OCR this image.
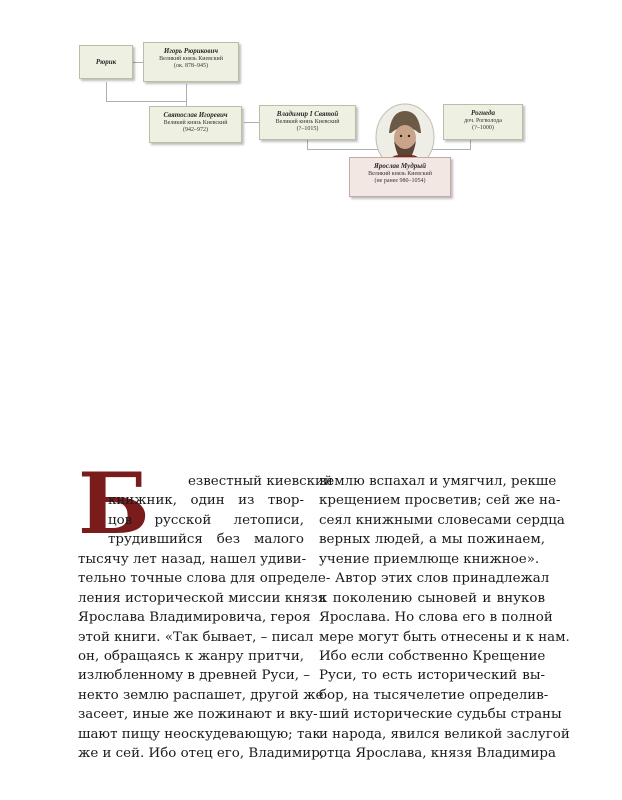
Рюрик
Игорь Рюрикович
Великий князь Киевский
(ок. 878–945)
Святослав Игоревич
Великий князь Киевский
(942–972)
Владимир I Святой
Великий князь Киевский
(?–1015)
Рогнеда
доч. Рогволода
(?–1000)
Ярослав Мудрый
Великий князь Киевский
(не ранее 980–1054)
Б	езвестный киевский
книжник, один из твор-
цов русской летописи,
трудившийся без малого
тысячу лет назад, нашел удиви-
тельно точные слова для определе-
ления исторической миссии князя
Ярослава Владимировича, героя
этой книги. «Так бывает, – писал
он, обращаясь к жанру притчи,
излюбленному в древней Руси, –
некто землю распашет, другой же
засеет, иные же пожинают и вку-
шают пищу неоскудевающую; так
же и сей. Ибо отец его, Владимир,
землю вспахал и умягчил, рекше
крещением просветив; сей же на-
сеял книжными словесами сердца
верных людей, а мы пожинаем,
учение приемлюще книжное».
Автор этих слов принадлежал
к поколению сыновей и внуков
Ярослава. Но слова его в полной
мере могут быть отнесены и к нам.
Ибо если собственно Крещение
Руси, то есть исторический вы-
бор, на тысячелетие определив-
ший исторические судьбы страны
и народа, явился великой заслугой
отца Ярослава, князя Владимира
